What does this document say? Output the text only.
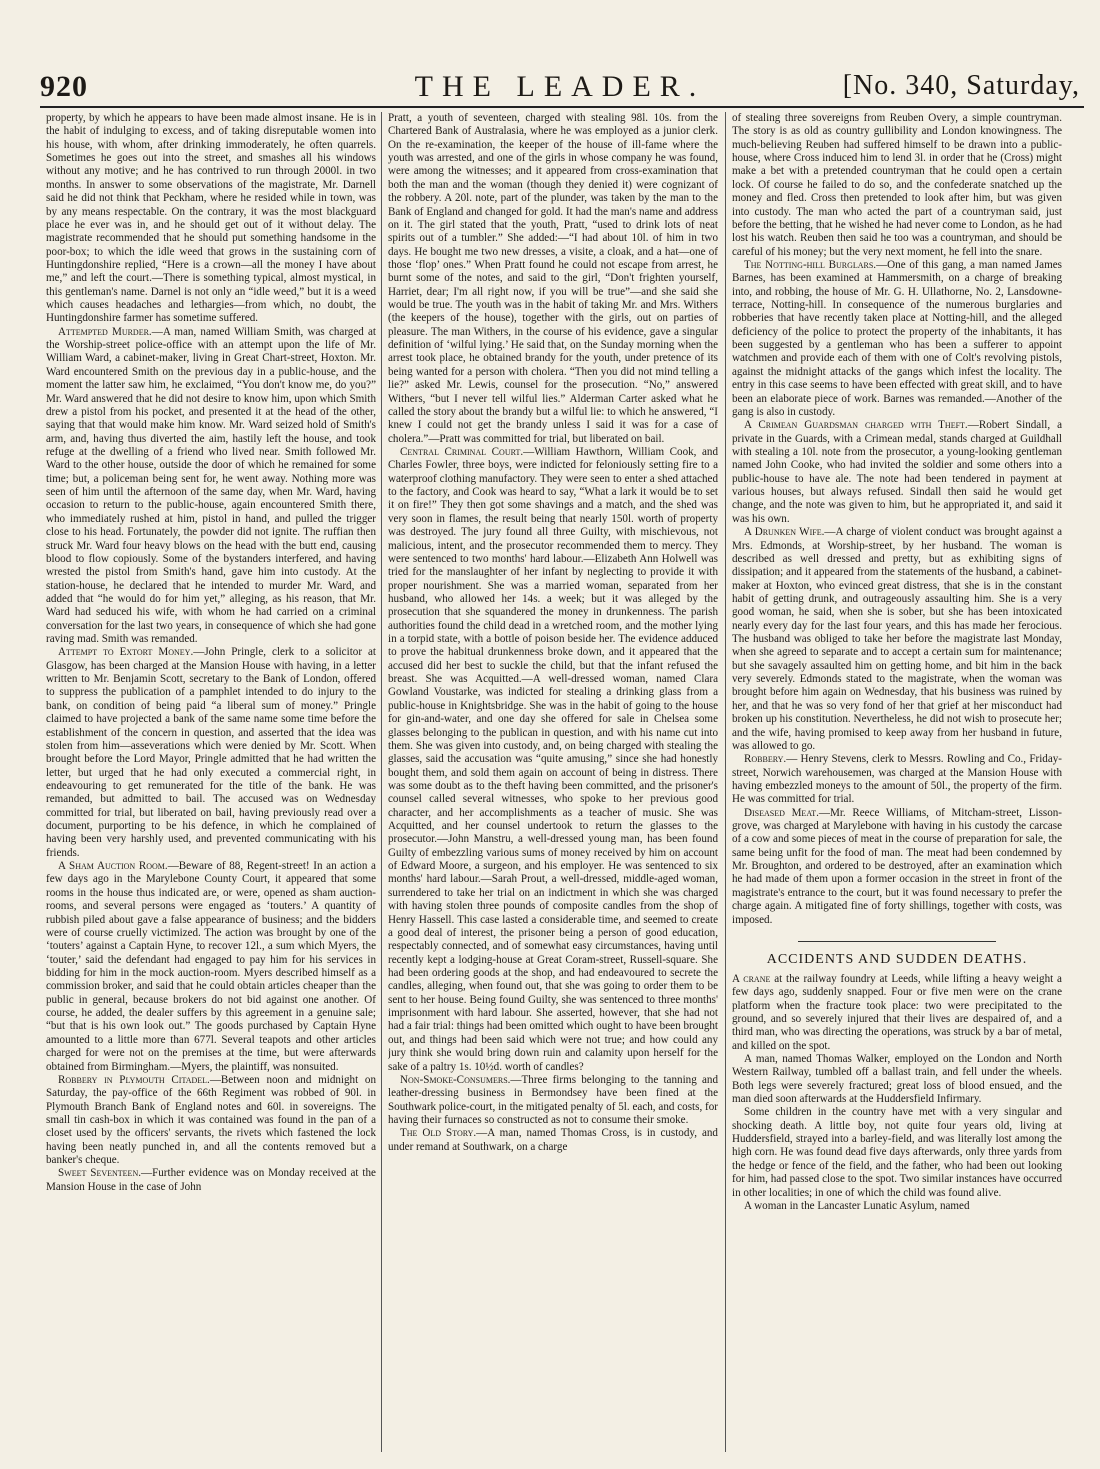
920	THE LEADER.	[No. 340, Saturday,

property, by which he appears to have been made almost insane. He is in the habit of indulging to excess, and of taking disreputable women into his house, with whom, after drinking immoderately, he often quarrels. Sometimes he goes out into the street, and smashes all his windows without any motive; and he has contrived to run through 2000l. in two months. In answer to some observations of the magistrate, Mr. Darnell said he did not think that Peckham, where he resided while in town, was by any means respectable. On the contrary, it was the most blackguard place he ever was in, and he should get out of it without delay. The magistrate recommended that he should put something handsome in the poor-box; to which the idle weed that grows in the sustaining corn of Huntingdonshire replied, “Here is a crown—all the money I have about me,” and left the court.—There is something typical, almost mystical, in this gentleman's name. Darnel is not only an “idle weed,” but it is a weed which causes headaches and lethargies—from which, no doubt, the Huntingdonshire farmer has sometime suffered.

Attempted Murder.—A man, named William Smith, was charged at the Worship-street police-office with an attempt upon the life of Mr. William Ward, a cabinet-maker, living in Great Chart-street, Hoxton. Mr. Ward encountered Smith on the previous day in a public-house, and the moment the latter saw him, he exclaimed, “You don't know me, do you?” Mr. Ward answered that he did not desire to know him, upon which Smith drew a pistol from his pocket, and presented it at the head of the other, saying that that would make him know. Mr. Ward seized hold of Smith's arm, and, having thus diverted the aim, hastily left the house, and took refuge at the dwelling of a friend who lived near. Smith followed Mr. Ward to the other house, outside the door of which he remained for some time; but, a policeman being sent for, he went away. Nothing more was seen of him until the afternoon of the same day, when Mr. Ward, having occasion to return to the public-house, again encountered Smith there, who immediately rushed at him, pistol in hand, and pulled the trigger close to his head. Fortunately, the powder did not ignite. The ruffian then struck Mr. Ward four heavy blows on the head with the butt end, causing blood to flow copiously. Some of the bystanders interfered, and having wrested the pistol from Smith's hand, gave him into custody. At the station-house, he declared that he intended to murder Mr. Ward, and added that “he would do for him yet,” alleging, as his reason, that Mr. Ward had seduced his wife, with whom he had carried on a criminal conversation for the last two years, in consequence of which she had gone raving mad. Smith was remanded.

Attempt to Extort Money.—John Pringle, clerk to a solicitor at Glasgow, has been charged at the Mansion House with having, in a letter written to Mr. Benjamin Scott, secretary to the Bank of London, offered to suppress the publication of a pamphlet intended to do injury to the bank, on condition of being paid “a liberal sum of money.” Pringle claimed to have projected a bank of the same name some time before the establishment of the concern in question, and asserted that the idea was stolen from him—asseverations which were denied by Mr. Scott. When brought before the Lord Mayor, Pringle admitted that he had written the letter, but urged that he had only executed a commercial right, in endeavouring to get remunerated for the title of the bank. He was remanded, but admitted to bail. The accused was on Wednesday committed for trial, but liberated on bail, having previously read over a document, purporting to be his defence, in which he complained of having been very harshly used, and prevented communicating with his friends.

A Sham Auction Room.—Beware of 88, Regent-street! In an action a few days ago in the Marylebone County Court, it appeared that some rooms in the house thus indicated are, or were, opened as sham auction-rooms, and several persons were engaged as ‘touters.’ A quantity of rubbish piled about gave a false appearance of business; and the bidders were of course cruelly victimized. The action was brought by one of the ‘touters’ against a Captain Hyne, to recover 12l., a sum which Myers, the ‘touter,’ said the defendant had engaged to pay him for his services in bidding for him in the mock auction-room. Myers described himself as a commission broker, and said that he could obtain articles cheaper than the public in general, because brokers do not bid against one another. Of course, he added, the dealer suffers by this agreement in a genuine sale; “but that is his own look out.” The goods purchased by Captain Hyne amounted to a little more than 677l. Several teapots and other articles charged for were not on the premises at the time, but were afterwards obtained from Birmingham.—Myers, the plaintiff, was nonsuited.

Robbery in Plymouth Citadel.—Between noon and midnight on Saturday, the pay-office of the 66th Regiment was robbed of 90l. in Plymouth Branch Bank of England notes and 60l. in sovereigns. The small tin cash-box in which it was contained was found in the pan of a closet used by the officers' servants, the rivets which fastened the lock having been neatly punched in, and all the contents removed but a banker's cheque.

Sweet Seventeen.—Further evidence was on Monday received at the Mansion House in the case of John

Pratt, a youth of seventeen, charged with stealing 98l. 10s. from the Chartered Bank of Australasia, where he was employed as a junior clerk. On the re-examination, the keeper of the house of ill-fame where the youth was arrested, and one of the girls in whose company he was found, were among the witnesses; and it appeared from cross-examination that both the man and the woman (though they denied it) were cognizant of the robbery. A 20l. note, part of the plunder, was taken by the man to the Bank of England and changed for gold. It had the man's name and address on it. The girl stated that the youth, Pratt, “used to drink lots of neat spirits out of a tumbler.” She added:—“I had about 10l. of him in two days. He bought me two new dresses, a visite, a cloak, and a hat—one of those ‘flop’ ones.” When Pratt found he could not escape from arrest, he burnt some of the notes, and said to the girl, “Don't frighten yourself, Harriet, dear; I'm all right now, if you will be true”—and she said she would be true. The youth was in the habit of taking Mr. and Mrs. Withers (the keepers of the house), together with the girls, out on parties of pleasure. The man Withers, in the course of his evidence, gave a singular definition of ‘wilful lying.’ He said that, on the Sunday morning when the arrest took place, he obtained brandy for the youth, under pretence of its being wanted for a person with cholera. “Then you did not mind telling a lie?” asked Mr. Lewis, counsel for the prosecution. “No,” answered Withers, “but I never tell wilful lies.” Alderman Carter asked what he called the story about the brandy but a wilful lie: to which he answered, “I knew I could not get the brandy unless I said it was for a case of cholera.”—Pratt was committed for trial, but liberated on bail.

Central Criminal Court.—William Hawthorn, William Cook, and Charles Fowler, three boys, were indicted for feloniously setting fire to a waterproof clothing manufactory. They were seen to enter a shed attached to the factory, and Cook was heard to say, “What a lark it would be to set it on fire!” They then got some shavings and a match, and the shed was very soon in flames, the result being that nearly 150l. worth of property was destroyed. The jury found all three Guilty, with mischievous, not malicious, intent, and the prosecutor recommended them to mercy. They were sentenced to two months' hard labour.—Elizabeth Ann Holwell was tried for the manslaughter of her infant by neglecting to provide it with proper nourishment. She was a married woman, separated from her husband, who allowed her 14s. a week; but it was alleged by the prosecution that she squandered the money in drunkenness. The parish authorities found the child dead in a wretched room, and the mother lying in a torpid state, with a bottle of poison beside her. The evidence adduced to prove the habitual drunkenness broke down, and it appeared that the accused did her best to suckle the child, but that the infant refused the breast. She was Acquitted.—A well-dressed woman, named Clara Gowland Voustarke, was indicted for stealing a drinking glass from a public-house in Knightsbridge. She was in the habit of going to the house for gin-and-water, and one day she offered for sale in Chelsea some glasses belonging to the publican in question, and with his name cut into them. She was given into custody, and, on being charged with stealing the glasses, said the accusation was “quite amusing,” since she had honestly bought them, and sold them again on account of being in distress. There was some doubt as to the theft having been committed, and the prisoner's counsel called several witnesses, who spoke to her previous good character, and her accomplishments as a teacher of music. She was Acquitted, and her counsel undertook to return the glasses to the prosecutor.—John Manstru, a well-dressed young man, has been found Guilty of embezzling various sums of money received by him on account of Edward Moore, a surgeon, and his employer. He was sentenced to six months' hard labour.—Sarah Prout, a well-dressed, middle-aged woman, surrendered to take her trial on an indictment in which she was charged with having stolen three pounds of composite candles from the shop of Henry Hassell. This case lasted a considerable time, and seemed to create a good deal of interest, the prisoner being a person of good education, respectably connected, and of somewhat easy circumstances, having until recently kept a lodging-house at Great Coram-street, Russell-square. She had been ordering goods at the shop, and had endeavoured to secrete the candles, alleging, when found out, that she was going to order them to be sent to her house. Being found Guilty, she was sentenced to three months' imprisonment with hard labour. She asserted, however, that she had not had a fair trial: things had been omitted which ought to have been brought out, and things had been said which were not true; and how could any jury think she would bring down ruin and calamity upon herself for the sake of a paltry 1s. 10½d. worth of candles?

Non-Smoke-Consumers.—Three firms belonging to the tanning and leather-dressing business in Bermondsey have been fined at the Southwark police-court, in the mitigated penalty of 5l. each, and costs, for having their furnaces so constructed as not to consume their smoke.

The Old Story.—A man, named Thomas Cross, is in custody, and under remand at Southwark, on a charge

of stealing three sovereigns from Reuben Overy, a simple countryman. The story is as old as country gullibility and London knowingness. The much-believing Reuben had suffered himself to be drawn into a public-house, where Cross induced him to lend 3l. in order that he (Cross) might make a bet with a pretended countryman that he could open a certain lock. Of course he failed to do so, and the confederate snatched up the money and fled. Cross then pretended to look after him, but was given into custody. The man who acted the part of a countryman said, just before the betting, that he wished he had never come to London, as he had lost his watch. Reuben then said he too was a countryman, and should be careful of his money; but the very next moment, he fell into the snare.

The Notting-hill Burglars.—One of this gang, a man named James Barnes, has been examined at Hammersmith, on a charge of breaking into, and robbing, the house of Mr. G. H. Ullathorne, No. 2, Lansdowne-terrace, Notting-hill. In consequence of the numerous burglaries and robberies that have recently taken place at Notting-hill, and the alleged deficiency of the police to protect the property of the inhabitants, it has been suggested by a gentleman who has been a sufferer to appoint watchmen and provide each of them with one of Colt's revolving pistols, against the midnight attacks of the gangs which infest the locality. The entry in this case seems to have been effected with great skill, and to have been an elaborate piece of work. Barnes was remanded.—Another of the gang is also in custody.

A Crimean Guardsman charged with Theft.—Robert Sindall, a private in the Guards, with a Crimean medal, stands charged at Guildhall with stealing a 10l. note from the prosecutor, a young-looking gentleman named John Cooke, who had invited the soldier and some others into a public-house to have ale. The note had been tendered in payment at various houses, but always refused. Sindall then said he would get change, and the note was given to him, but he appropriated it, and said it was his own.

A Drunken Wife.—A charge of violent conduct was brought against a Mrs. Edmonds, at Worship-street, by her husband. The woman is described as well dressed and pretty, but as exhibiting signs of dissipation; and it appeared from the statements of the husband, a cabinet-maker at Hoxton, who evinced great distress, that she is in the constant habit of getting drunk, and outrageously assaulting him. She is a very good woman, he said, when she is sober, but she has been intoxicated nearly every day for the last four years, and this has made her ferocious. The husband was obliged to take her before the magistrate last Monday, when she agreed to separate and to accept a certain sum for maintenance; but she savagely assaulted him on getting home, and bit him in the back very severely. Edmonds stated to the magistrate, when the woman was brought before him again on Wednesday, that his business was ruined by her, and that he was so very fond of her that grief at her misconduct had broken up his constitution. Nevertheless, he did not wish to prosecute her; and the wife, having promised to keep away from her husband in future, was allowed to go.

Robbery.— Henry Stevens, clerk to Messrs. Rowling and Co., Friday-street, Norwich warehousemen, was charged at the Mansion House with having embezzled moneys to the amount of 50l., the property of the firm. He was committed for trial.

Diseased Meat.—Mr. Reece Williams, of Mitcham-street, Lisson-grove, was charged at Marylebone with having in his custody the carcase of a cow and some pieces of meat in the course of preparation for sale, the same being unfit for the food of man. The meat had been condemned by Mr. Broughton, and ordered to be destroyed, after an examination which he had made of them upon a former occasion in the street in front of the magistrate's entrance to the court, but it was found necessary to prefer the charge again. A mitigated fine of forty shillings, together with costs, was imposed.

ACCIDENTS AND SUDDEN DEATHS.

A crane at the railway foundry at Leeds, while lifting a heavy weight a few days ago, suddenly snapped. Four or five men were on the crane platform when the fracture took place: two were precipitated to the ground, and so severely injured that their lives are despaired of, and a third man, who was directing the operations, was struck by a bar of metal, and killed on the spot.

A man, named Thomas Walker, employed on the London and North Western Railway, tumbled off a ballast train, and fell under the wheels. Both legs were severely fractured; great loss of blood ensued, and the man died soon afterwards at the Huddersfield Infirmary.

Some children in the country have met with a very singular and shocking death. A little boy, not quite four years old, living at Huddersfield, strayed into a barley-field, and was literally lost among the high corn. He was found dead five days afterwards, only three yards from the hedge or fence of the field, and the father, who had been out looking for him, had passed close to the spot. Two similar instances have occurred in other localities; in one of which the child was found alive.

A woman in the Lancaster Lunatic Asylum, named
